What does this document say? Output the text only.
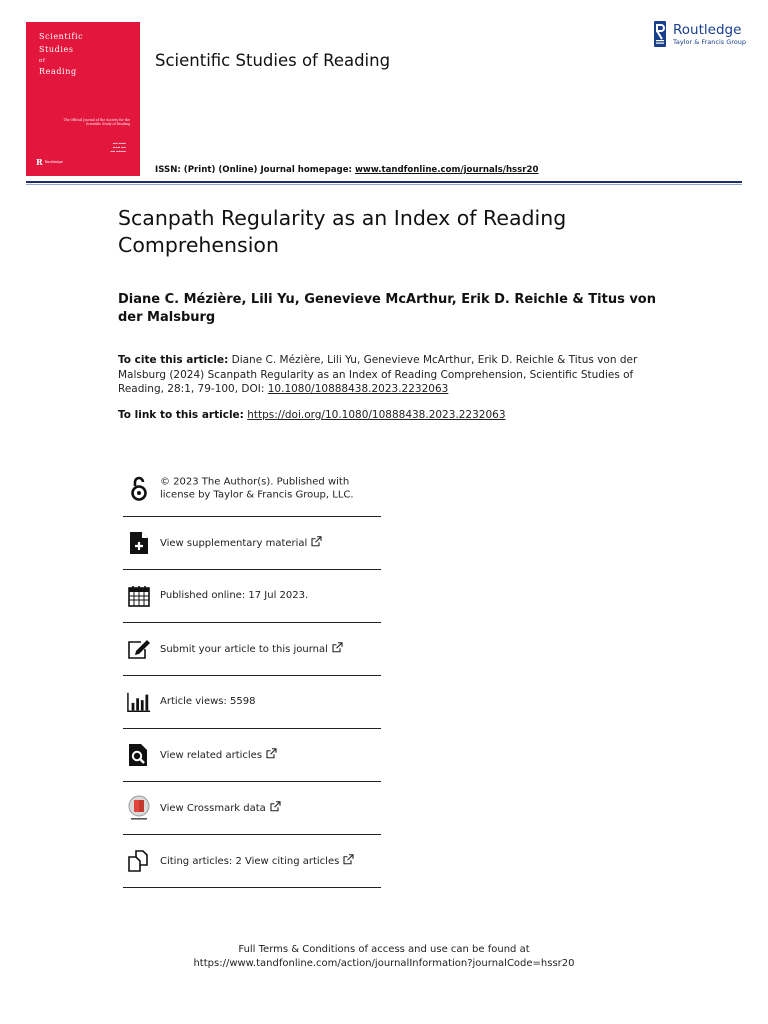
Scientific
Studies

of
Reading

The Official Journal of the Society for the Scientific Study of Reading
▬▬ ▬▬▬
▬▬▬ ▬▬
▬▬ ▬▬▬▬
R Routledge
Scientific Studies of Reading
Routledge
Taylor & Francis Group
ISSN: (Print) (Online) Journal homepage: www.tandfonline.com/journals/hssr20
Scanpath Regularity as an Index of Reading Comprehension

Diane C. Mézière, Lili Yu, Genevieve McArthur, Erik D. Reichle & Titus von der Malsburg

To cite this article: Diane C. Mézière, Lili Yu, Genevieve McArthur, Erik D. Reichle & Titus von der Malsburg (2024) Scanpath Regularity as an Index of Reading Comprehension, Scientific Studies of Reading, 28:1, 79-100, DOI: 10.1080/10888438.2023.2232063

To link to this article: https://doi.org/10.1080/10888438.2023.2232063

© 2023 The Author(s). Published with license by Taylor & Francis Group, LLC.
View supplementary material
Published online: 17 Jul 2023.
Submit your article to this journal
Article views: 5598
View related articles
View Crossmark data
Citing articles: 2 View citing articles
Full Terms & Conditions of access and use can be found at
https://www.tandfonline.com/action/journalInformation?journalCode=hssr20
